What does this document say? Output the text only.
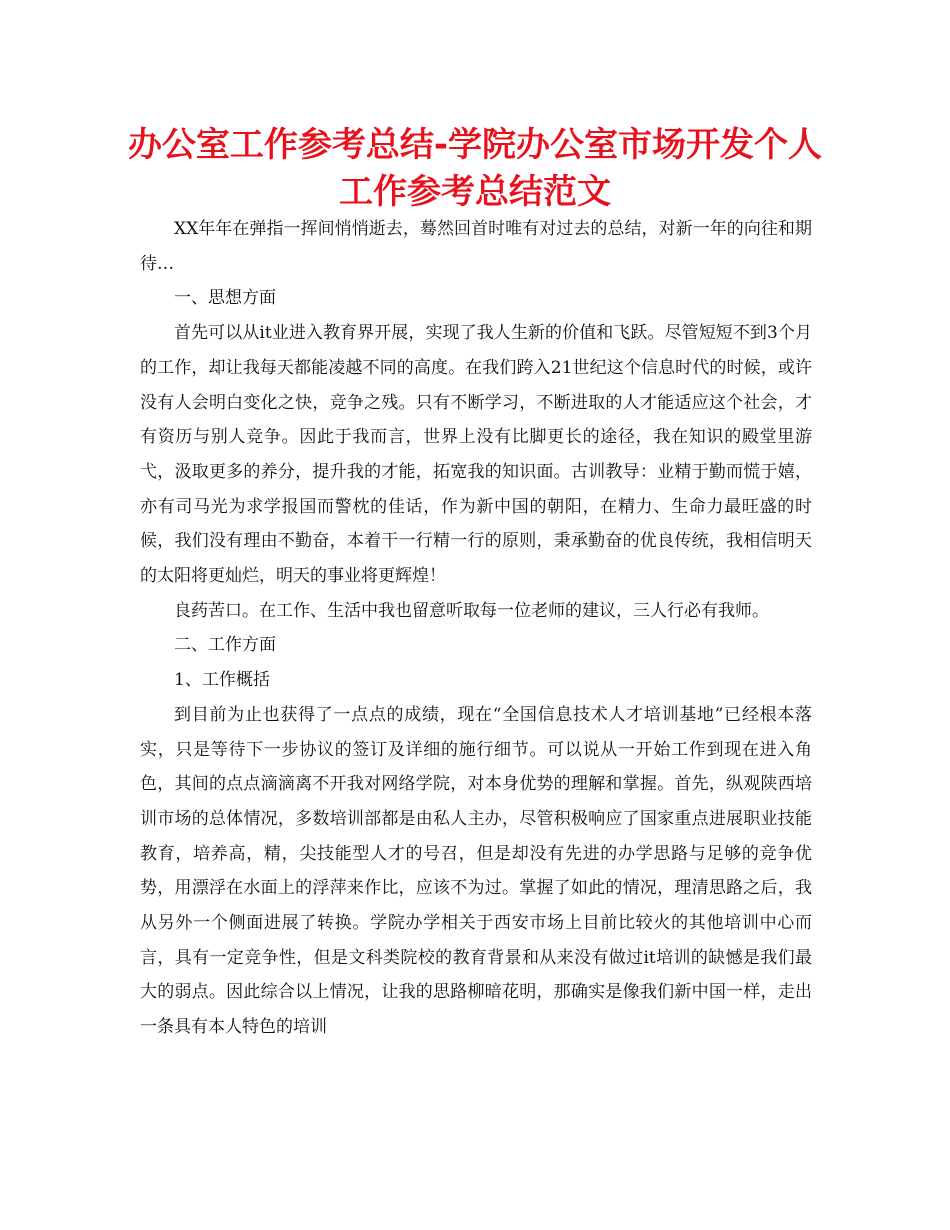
办公室工作参考总结-学院办公室市场开发个人工作参考总结范文

XX年年在弹指一挥间悄悄逝去，蓦然回首时唯有对过去的总结，对新一年的向往和期待…

一、思想方面

首先可以从it业进入教育界开展，实现了我人生新的价值和飞跃。尽管短短不到3个月的工作，却让我每天都能凌越不同的高度。在我们跨入21世纪这个信息时代的时候，或许没有人会明白变化之快，竞争之残。只有不断学习，不断进取的人才能适应这个社会，才有资历与别人竞争。因此于我而言，世界上没有比脚更长的途径，我在知识的殿堂里游弋，汲取更多的养分，提升我的才能，拓宽我的知识面。古训教导：业精于勤而慌于嬉，亦有司马光为求学报国而警枕的佳话，作为新中国的朝阳，在精力、生命力最旺盛的时候，我们没有理由不勤奋，本着干一行精一行的原则，秉承勤奋的优良传统，我相信明天的太阳将更灿烂，明天的事业将更辉煌！

良药苦口。在工作、生活中我也留意听取每一位老师的建议，三人行必有我师。

二、工作方面

1、工作概括

到目前为止也获得了一点点的成绩，现在“全国信息技术人才培训基地”已经根本落实，只是等待下一步协议的签订及详细的施行细节。可以说从一开始工作到现在进入角色，其间的点点滴滴离不开我对网络学院，对本身优势的理解和掌握。首先，纵观陕西培训市场的总体情况，多数培训部都是由私人主办，尽管积极响应了国家重点进展职业技能教育，培养高，精，尖技能型人才的号召，但是却没有先进的办学思路与足够的竞争优势，用漂浮在水面上的浮萍来作比，应该不为过。掌握了如此的情况，理清思路之后，我从另外一个侧面进展了转换。学院办学相关于西安市场上目前比较火的其他培训中心而言，具有一定竞争性，但是文科类院校的教育背景和从来没有做过it培训的缺憾是我们最大的弱点。因此综合以上情况，让我的思路柳暗花明，那确实是像我们新中国一样，走出一条具有本人特色的培训
